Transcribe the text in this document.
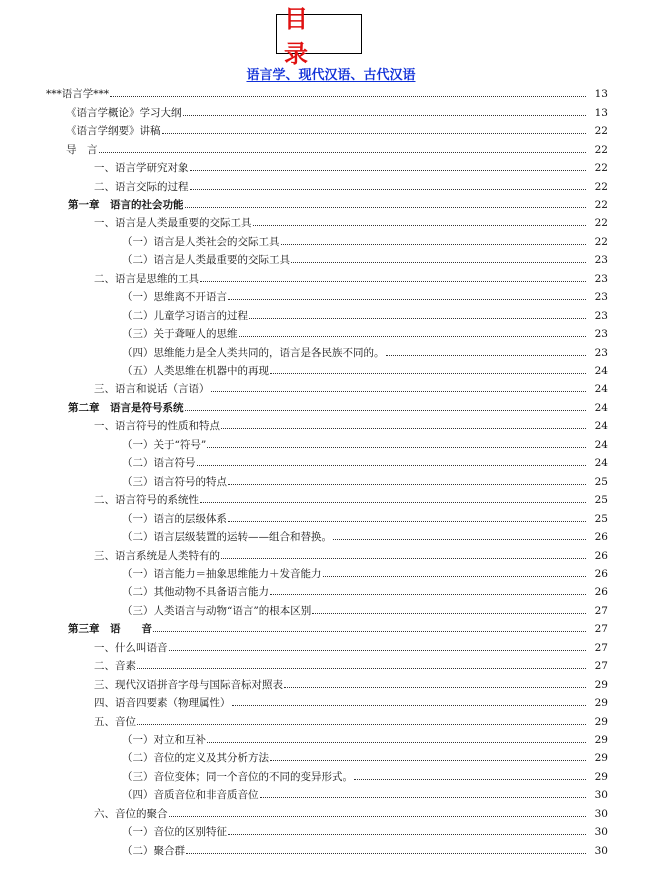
目　录
语言学、现代汉语、古代汉语
***语言学***	13
《语言学概论》学习大纲	13
《语言学纲要》讲稿	22
导　言	22
一、语言学研究对象	22
二、语言交际的过程	22
第一章　语言的社会功能	22
一、语言是人类最重要的交际工具	22
（一）语言是人类社会的交际工具	22
（二）语言是人类最重要的交际工具	23
二、语言是思维的工具	23
（一）思维离不开语言	23
（二）儿童学习语言的过程	23
（三）关于聋哑人的思维	23
（四）思维能力是全人类共同的，语言是各民族不同的。	23
（五）人类思维在机器中的再现	24
三、语言和说话（言语）	24
第二章　语言是符号系统	24
一、语言符号的性质和特点	24
（一）关于“符号”	24
（二）语言符号	24
（三）语言符号的特点	25
二、语言符号的系统性	25
（一）语言的层级体系	25
（二）语言层级装置的运转——组合和替换。	26
三、语言系统是人类特有的	26
（一）语言能力＝抽象思维能力＋发音能力	26
（二）其他动物不具备语言能力	26
（三）人类语言与动物“语言”的根本区别	27
第三章　语　　音	27
一、什么叫语音	27
二、音素	27
三、现代汉语拼音字母与国际音标对照表	29
四、语音四要素（物理属性）	29
五、音位	29
（一）对立和互补	29
（二）音位的定义及其分析方法	29
（三）音位变体；同一个音位的不同的变异形式。	29
（四）音质音位和非音质音位	30
六、音位的聚合	30
（一）音位的区别特征	30
（二）聚合群	30
